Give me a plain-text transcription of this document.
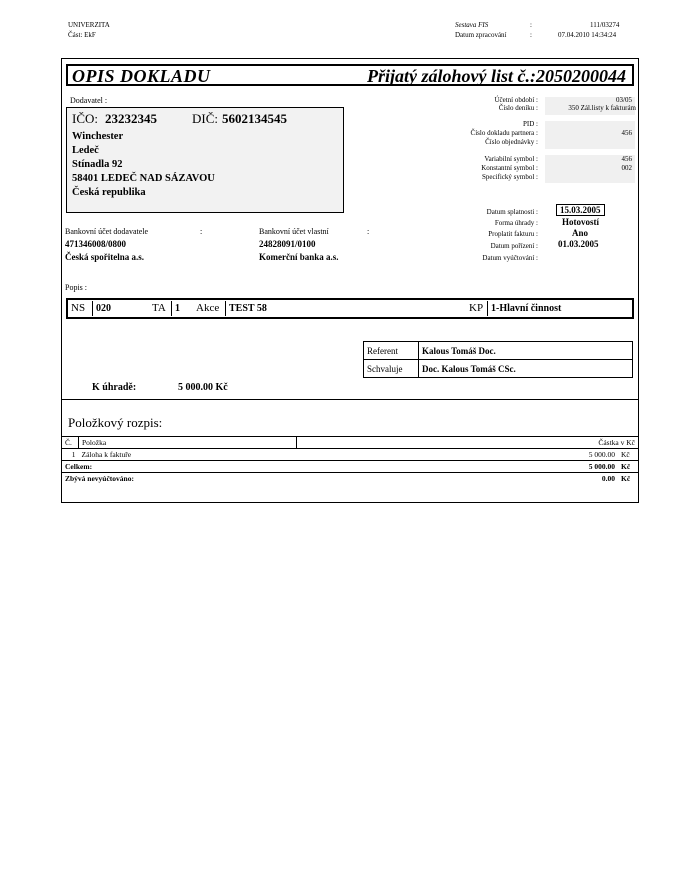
UNIVERZITA
Část: EkF
Sestava FIS	:	111/03274
Datum zpracování	:	07.04.2010 14:34:24
OPIS DOKLADU	Přijatý zálohový list č.:2050200044
Dodavatel :
IČO: 23232345	DIČ: 5602134545
Winchester
Ledeč
Stínadla 92
58401 LEDEČ NAD SÁZAVOU
Česká republika
Účetní období :	03/05
Číslo deníku :	350 Zál.listy k fakturám
PID :
Číslo dokladu partnera :	456
Číslo objednávky :
Variabilní symbol :	456
Konstantní symbol :	002
Specifický symbol :
Datum splatnosti :	15.03.2005
Forma úhrady :	Hotovostí
Proplatit fakturu :	Ano
Datum pořízení : 01.03.2005
Datum vyúčtování :
Bankovní účet dodavatele	:
471346008/0800
Česká spořitelna a.s.
Bankovní účet vlastní	:
24828091/0100
Komerční banka a.s.
Popis :
NS	020	TA 1	Akce TEST 58	KP 1-Hlavní činnost
Referent	Kalous Tomáš Doc.
Schvaluje	Doc. Kalous Tomáš CSc.
K úhradě:	5 000.00 Kč
Položkový rozpis:
Č.	Položka	Částka v Kč	
1	Záloha k faktuře	5 000.00	Kč
Celkem:		5 000.00	Kč
Zbývá nevyúčtováno:		0.00	Kč
